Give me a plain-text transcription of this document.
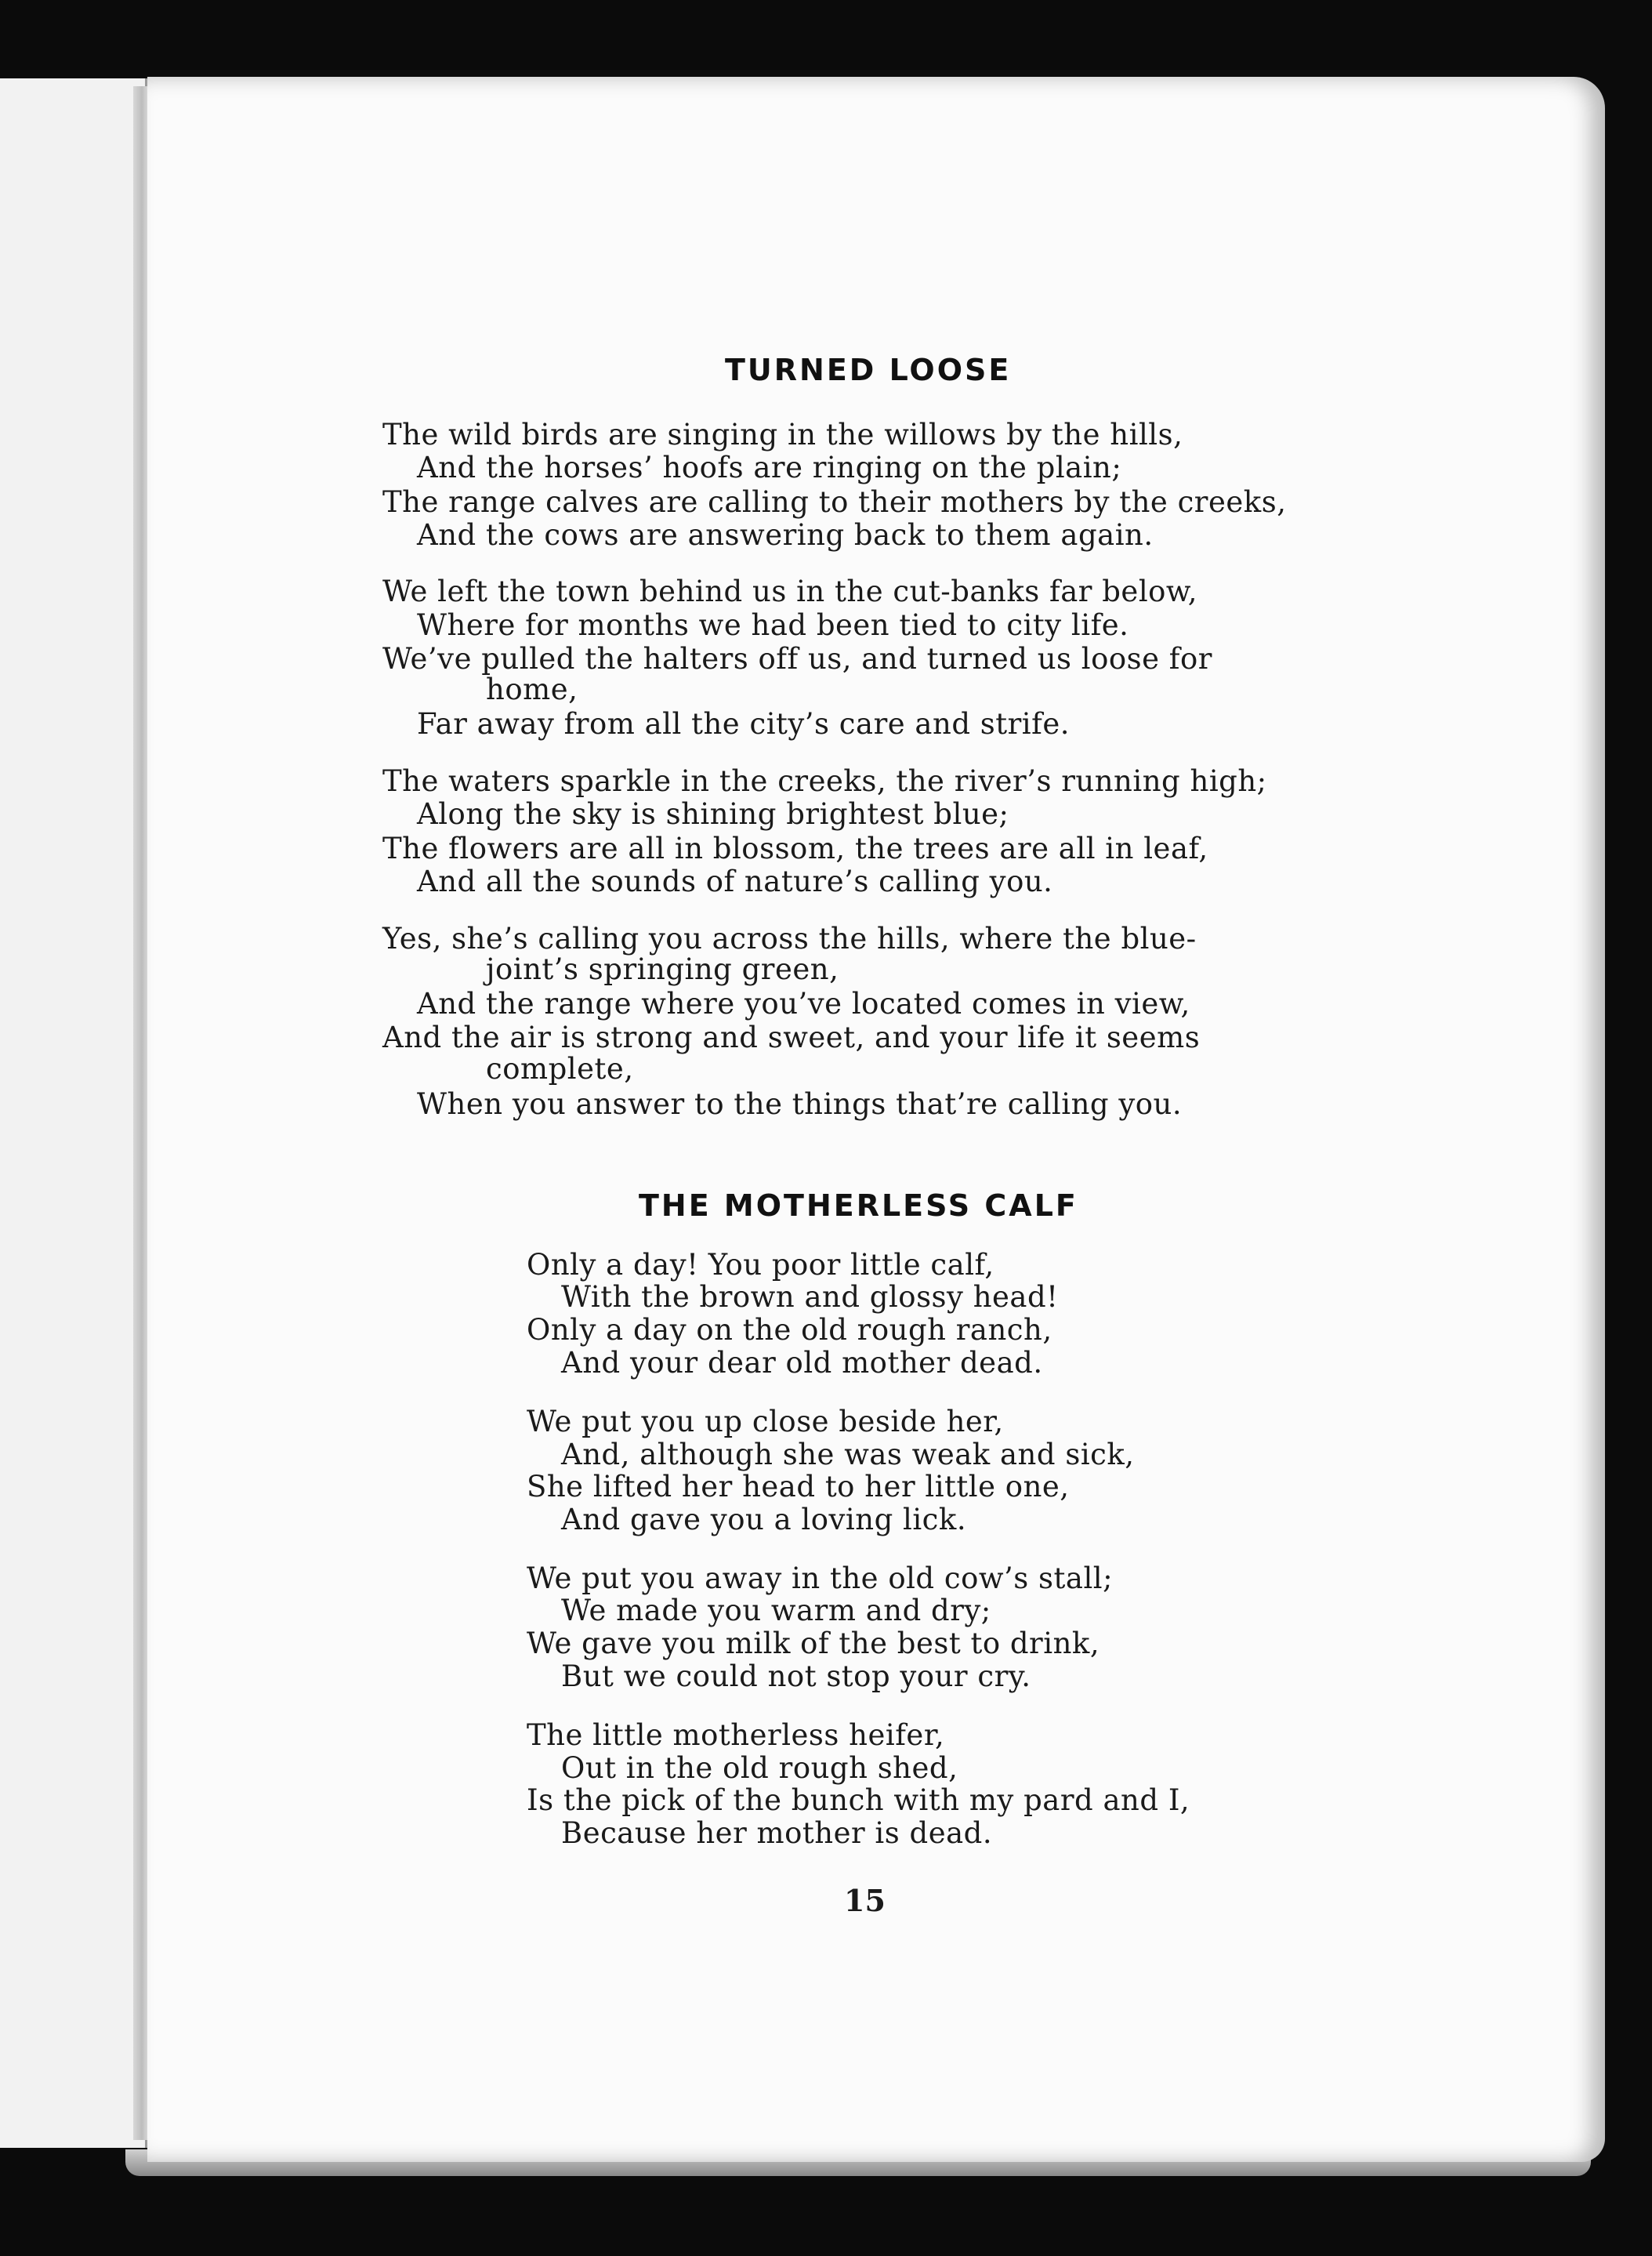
TURNED LOOSE
The wild birds are singing in the willows by the hills,
And the horses’ hoofs are ringing on the plain;
The range calves are calling to their mothers by the creeks,
And the cows are answering back to them again.
We left the town behind us in the cut-banks far below,
Where for months we had been tied to city life.
We’ve pulled the halters off us, and turned us loose for
home,
Far away from all the city’s care and strife.
The waters sparkle in the creeks, the river’s running high;
Along the sky is shining brightest blue;
The flowers are all in blossom, the trees are all in leaf,
And all the sounds of nature’s calling you.
Yes, she’s calling you across the hills, where the blue-
joint’s springing green,
And the range where you’ve located comes in view,
And the air is strong and sweet, and your life it seems
complete,
When you answer to the things that’re calling you.
THE MOTHERLESS CALF
Only a day! You poor little calf,
With the brown and glossy head!
Only a day on the old rough ranch,
And your dear old mother dead.
We put you up close beside her,
And, although she was weak and sick,
She lifted her head to her little one,
And gave you a loving lick.
We put you away in the old cow’s stall;
We made you warm and dry;
We gave you milk of the best to drink,
But we could not stop your cry.
The little motherless heifer,
Out in the old rough shed,
Is the pick of the bunch with my pard and I,
Because her mother is dead.
15
